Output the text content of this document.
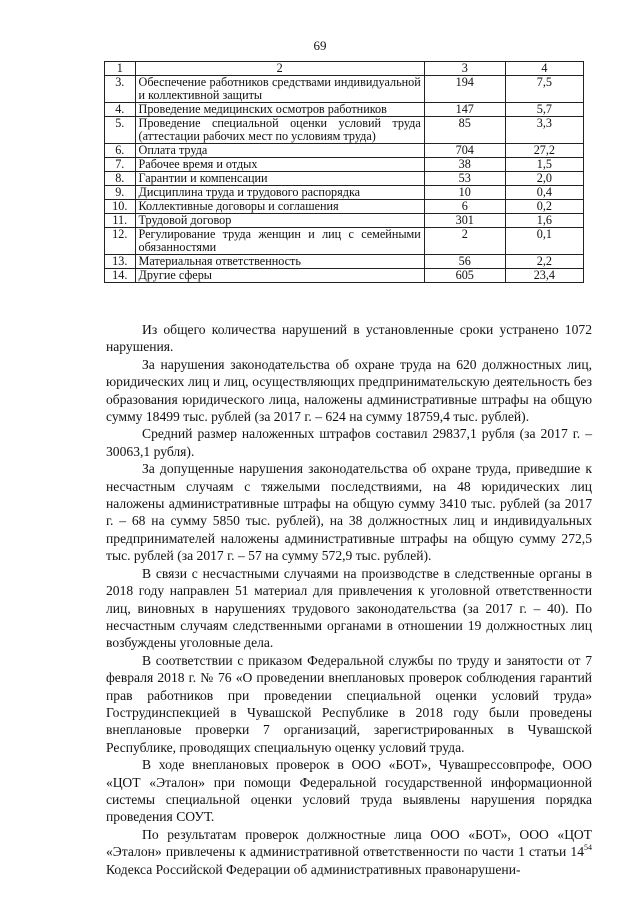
69
1	2	3	4
3.	Обеспечение работников средствами индивидуальной и коллективной защиты	194	7,5
4.	Проведение медицинских осмотров работников	147	5,7
5.	Проведение специальной оценки условий труда (аттестации рабочих мест по условиям труда)	85	3,3
6.	Оплата труда	704	27,2
7.	Рабочее время и отдых	38	1,5
8.	Гарантии и компенсации	53	2,0
9.	Дисциплина труда и трудового распорядка	10	0,4
10.	Коллективные договоры и соглашения	6	0,2
11.	Трудовой договор	301	1,6
12.	Регулирование труда женщин и лиц с семейными обязанностями	2	0,1
13.	Материальная ответственность	56	2,2
14.	Другие сферы	605	23,4

Из общего количества нарушений в установленные сроки устранено 1072 нарушения.

За нарушения законодательства об охране труда на 620 должностных лиц, юридических лиц и лиц, осуществляющих предпринимательскую деятельность без образования юридического лица, наложены административные штрафы на общую сумму 18499 тыс. рублей (за 2017 г. – 624 на сумму 18759,4 тыс. рублей).

Средний размер наложенных штрафов составил 29837,1 рубля (за 2017 г. – 30063,1 рубля).

За допущенные нарушения законодательства об охране труда, приведшие к несчастным случаям с тяжелыми последствиями, на 48 юридических лиц наложены административные штрафы на общую сумму 3410 тыс. рублей (за 2017 г. – 68 на сумму 5850 тыс. рублей), на 38 должностных лиц и индивидуальных предпринимателей наложены административные штрафы на общую сумму 272,5 тыс. рублей (за 2017 г. – 57 на сумму 572,9 тыс. рублей).

В связи с несчастными случаями на производстве в следственные органы в 2018 году направлен 51 материал для привлечения к уголовной ответственности лиц, виновных в нарушениях трудового законодательства (за 2017 г. – 40). По несчастным случаям следственными органами в отношении 19 должностных лиц возбуждены уголовные дела.

В соответствии с приказом Федеральной службы по труду и занятости от 7 февраля 2018 г. № 76 «О проведении внеплановых проверок соблюдения гарантий прав работников при проведении специальной оценки условий труда» Гострудинспекцией в Чувашской Республике в 2018 году были проведены внеплановые проверки 7 организаций, зарегистрированных в Чувашской Республике, проводящих специальную оценку условий труда.

В ходе внеплановых проверок в ООО «БОТ», Чувашрессовпрофе, ООО «ЦОТ «Эталон» при помощи Федеральной государственной информационной системы специальной оценки условий труда выявлены нарушения порядка проведения СОУТ.

По результатам проверок должностные лица ООО «БОТ», ООО «ЦОТ «Эталон» привлечены к административной ответственности по части 1 статьи $14^{54}$ Кодекса Российской Федерации об административных правонарушени-
